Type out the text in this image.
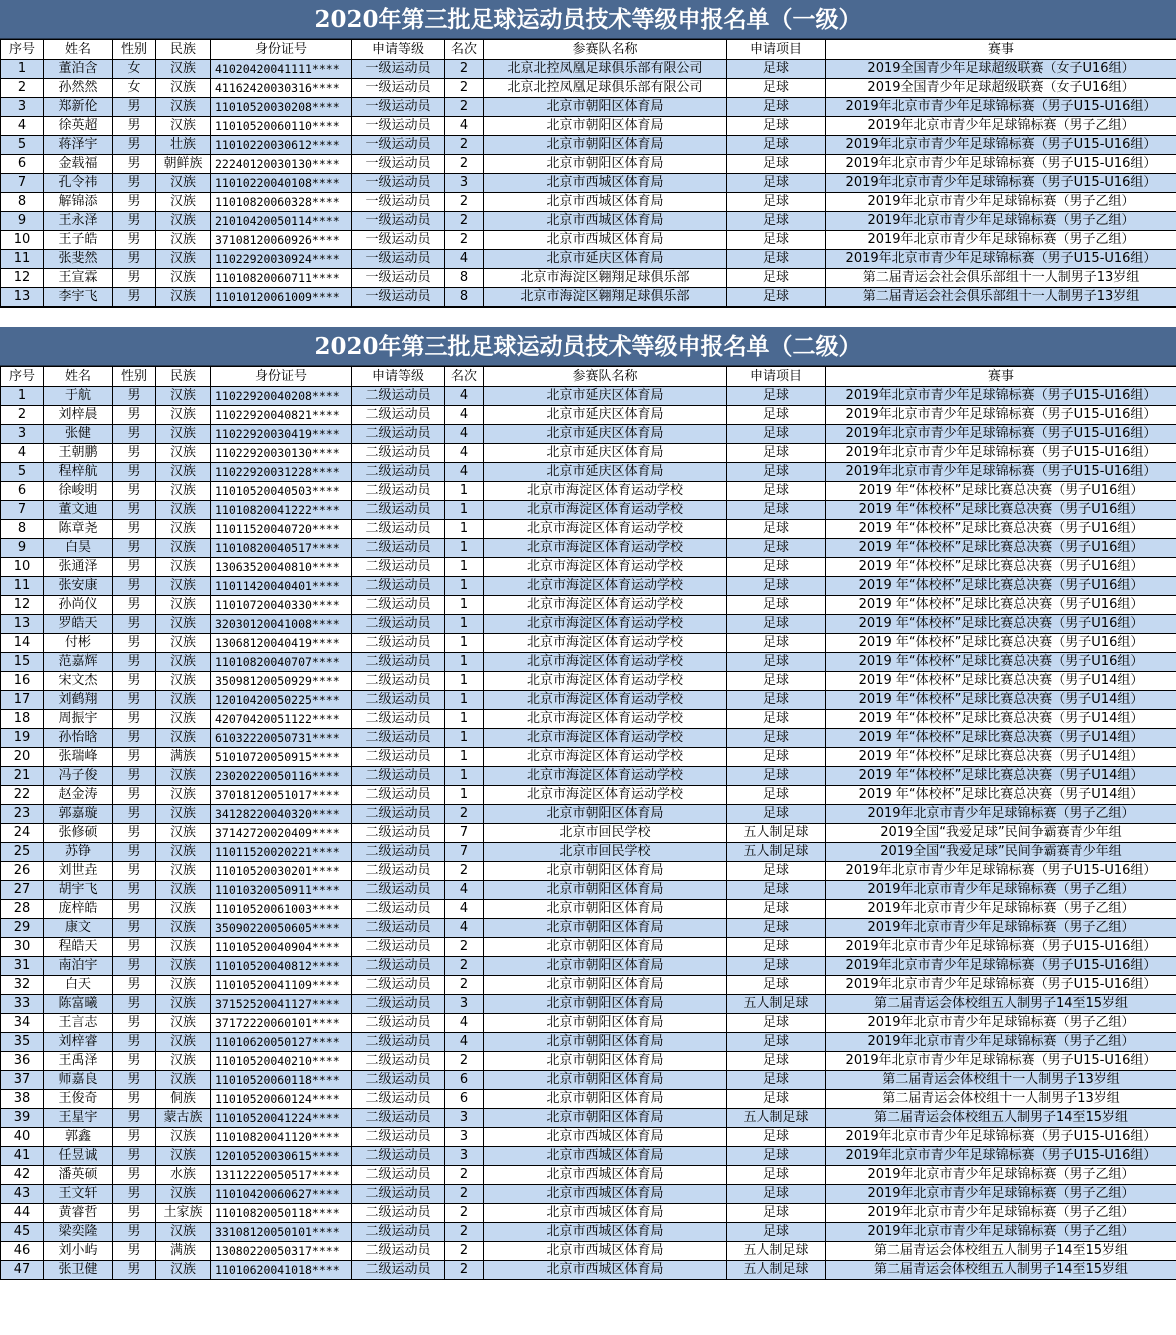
2020年第三批足球运动员技术等级申报名单（一级）
序号	姓名	性别	民族	身份证号	申请等级	名次	参赛队名称	申请项目	赛事
1	董泊含	女	汉族	41020420041111****	一级运动员	2	北京北控凤凰足球俱乐部有限公司	足球	2019全国青少年足球超级联赛（女子U16组）
2	孙然然	女	汉族	41162420030316****	一级运动员	2	北京北控凤凰足球俱乐部有限公司	足球	2019全国青少年足球超级联赛（女子U16组）
3	郑新伦	男	汉族	11010520030208****	一级运动员	2	北京市朝阳区体育局	足球	2019年北京市青少年足球锦标赛（男子U15-U16组）
4	徐英超	男	汉族	11010520060110****	一级运动员	4	北京市朝阳区体育局	足球	2019年北京市青少年足球锦标赛（男子乙组）
5	蒋泽宇	男	壮族	11010220030612****	一级运动员	2	北京市朝阳区体育局	足球	2019年北京市青少年足球锦标赛（男子U15-U16组）
6	金载福	男	朝鲜族	22240120030130****	一级运动员	2	北京市朝阳区体育局	足球	2019年北京市青少年足球锦标赛（男子U15-U16组）
7	孔令祎	男	汉族	11010220040108****	一级运动员	3	北京市西城区体育局	足球	2019年北京市青少年足球锦标赛（男子U15-U16组）
8	解锦添	男	汉族	11010820060328****	一级运动员	2	北京市西城区体育局	足球	2019年北京市青少年足球锦标赛（男子乙组）
9	王永泽	男	汉族	21010420050114****	一级运动员	2	北京市西城区体育局	足球	2019年北京市青少年足球锦标赛（男子乙组）
10	王子皓	男	汉族	37108120060926****	一级运动员	2	北京市西城区体育局	足球	2019年北京市青少年足球锦标赛（男子乙组）
11	张斐然	男	汉族	11022920030924****	一级运动员	4	北京市延庆区体育局	足球	2019年北京市青少年足球锦标赛（男子U15-U16组）
12	王宣霖	男	汉族	11010820060711****	一级运动员	8	北京市海淀区翱翔足球俱乐部	足球	第二届青运会社会俱乐部组十一人制男子13岁组
13	李宇飞	男	汉族	11010120061009****	一级运动员	8	北京市海淀区翱翔足球俱乐部	足球	第二届青运会社会俱乐部组十一人制男子13岁组
2020年第三批足球运动员技术等级申报名单（二级）
序号	姓名	性别	民族	身份证号	申请等级	名次	参赛队名称	申请项目	赛事
1	于航	男	汉族	11022920040208****	二级运动员	4	北京市延庆区体育局	足球	2019年北京市青少年足球锦标赛（男子U15-U16组）
2	刘梓晨	男	汉族	11022920040821****	二级运动员	4	北京市延庆区体育局	足球	2019年北京市青少年足球锦标赛（男子U15-U16组）
3	张健	男	汉族	11022920030419****	二级运动员	4	北京市延庆区体育局	足球	2019年北京市青少年足球锦标赛（男子U15-U16组）
4	王朝鹏	男	汉族	11022920030130****	二级运动员	4	北京市延庆区体育局	足球	2019年北京市青少年足球锦标赛（男子U15-U16组）
5	程梓航	男	汉族	11022920031228****	二级运动员	4	北京市延庆区体育局	足球	2019年北京市青少年足球锦标赛（男子U15-U16组）
6	徐峻明	男	汉族	11010520040503****	二级运动员	1	北京市海淀区体育运动学校	足球	2019 年“体校杯”足球比赛总决赛（男子U16组）
7	董文迪	男	汉族	11010820041222****	二级运动员	1	北京市海淀区体育运动学校	足球	2019 年“体校杯”足球比赛总决赛（男子U16组）
8	陈章尧	男	汉族	11011520040720****	二级运动员	1	北京市海淀区体育运动学校	足球	2019 年“体校杯”足球比赛总决赛（男子U16组）
9	白昊	男	汉族	11010820040517****	二级运动员	1	北京市海淀区体育运动学校	足球	2019 年“体校杯”足球比赛总决赛（男子U16组）
10	张通泽	男	汉族	13063520040810****	二级运动员	1	北京市海淀区体育运动学校	足球	2019 年“体校杯”足球比赛总决赛（男子U16组）
11	张安康	男	汉族	11011420040401****	二级运动员	1	北京市海淀区体育运动学校	足球	2019 年“体校杯”足球比赛总决赛（男子U16组）
12	孙尚仪	男	汉族	11010720040330****	二级运动员	1	北京市海淀区体育运动学校	足球	2019 年“体校杯”足球比赛总决赛（男子U16组）
13	罗皓天	男	汉族	32030120041008****	二级运动员	1	北京市海淀区体育运动学校	足球	2019 年“体校杯”足球比赛总决赛（男子U16组）
14	付彬	男	汉族	13068120040419****	二级运动员	1	北京市海淀区体育运动学校	足球	2019 年“体校杯”足球比赛总决赛（男子U16组）
15	范嘉辉	男	汉族	11010820040707****	二级运动员	1	北京市海淀区体育运动学校	足球	2019 年“体校杯”足球比赛总决赛（男子U16组）
16	宋文杰	男	汉族	35098120050929****	二级运动员	1	北京市海淀区体育运动学校	足球	2019 年“体校杯”足球比赛总决赛（男子U14组）
17	刘鹤翔	男	汉族	12010420050225****	二级运动员	1	北京市海淀区体育运动学校	足球	2019 年“体校杯”足球比赛总决赛（男子U14组）
18	周振宇	男	汉族	42070420051122****	二级运动员	1	北京市海淀区体育运动学校	足球	2019 年“体校杯”足球比赛总决赛（男子U14组）
19	孙怡晗	男	汉族	61032220050731****	二级运动员	1	北京市海淀区体育运动学校	足球	2019 年“体校杯”足球比赛总决赛（男子U14组）
20	张瑞峰	男	满族	51010720050915****	二级运动员	1	北京市海淀区体育运动学校	足球	2019 年“体校杯”足球比赛总决赛（男子U14组）
21	冯子俊	男	汉族	23020220050116****	二级运动员	1	北京市海淀区体育运动学校	足球	2019 年“体校杯”足球比赛总决赛（男子U14组）
22	赵金涛	男	汉族	37018120051017****	二级运动员	1	北京市海淀区体育运动学校	足球	2019 年“体校杯”足球比赛总决赛（男子U14组）
23	郭嘉璇	男	汉族	34128220040320****	二级运动员	2	北京市朝阳区体育局	足球	2019年北京市青少年足球锦标赛（男子乙组）
24	张修硕	男	汉族	37142720020409****	二级运动员	7	北京市回民学校	五人制足球	2019全国“我爱足球”民间争霸赛青少年组
25	苏铮	男	汉族	11011520020221****	二级运动员	7	北京市回民学校	五人制足球	2019全国“我爱足球”民间争霸赛青少年组
26	刘世垚	男	汉族	11010520030201****	二级运动员	2	北京市朝阳区体育局	足球	2019年北京市青少年足球锦标赛（男子U15-U16组）
27	胡宇飞	男	汉族	11010320050911****	二级运动员	4	北京市朝阳区体育局	足球	2019年北京市青少年足球锦标赛（男子乙组）
28	庞梓皓	男	汉族	11010520061003****	二级运动员	4	北京市朝阳区体育局	足球	2019年北京市青少年足球锦标赛（男子乙组）
29	康文	男	汉族	35090220050605****	二级运动员	4	北京市朝阳区体育局	足球	2019年北京市青少年足球锦标赛（男子乙组）
30	程皓天	男	汉族	11010520040904****	二级运动员	2	北京市朝阳区体育局	足球	2019年北京市青少年足球锦标赛（男子U15-U16组）
31	南泊宇	男	汉族	11010520040812****	二级运动员	2	北京市朝阳区体育局	足球	2019年北京市青少年足球锦标赛（男子U15-U16组）
32	白天	男	汉族	11010520041109****	二级运动员	2	北京市朝阳区体育局	足球	2019年北京市青少年足球锦标赛（男子U15-U16组）
33	陈富曦	男	汉族	37152520041127****	二级运动员	3	北京市朝阳区体育局	五人制足球	第二届青运会体校组五人制男子14至15岁组
34	王言志	男	汉族	37172220060101****	二级运动员	4	北京市朝阳区体育局	足球	2019年北京市青少年足球锦标赛（男子乙组）
35	刘梓睿	男	汉族	11010620050127****	二级运动员	4	北京市朝阳区体育局	足球	2019年北京市青少年足球锦标赛（男子乙组）
36	王禹泽	男	汉族	11010520040210****	二级运动员	2	北京市朝阳区体育局	足球	2019年北京市青少年足球锦标赛（男子U15-U16组）
37	师嘉良	男	汉族	11010520060118****	二级运动员	6	北京市朝阳区体育局	足球	第二届青运会体校组十一人制男子13岁组
38	王俊奇	男	侗族	11010520060124****	二级运动员	6	北京市朝阳区体育局	足球	第二届青运会体校组十一人制男子13岁组
39	王星宇	男	蒙古族	11010520041224****	二级运动员	3	北京市朝阳区体育局	五人制足球	第二届青运会体校组五人制男子14至15岁组
40	郭鑫	男	汉族	11010820041120****	二级运动员	3	北京市西城区体育局	足球	2019年北京市青少年足球锦标赛（男子U15-U16组）
41	任昱诚	男	汉族	12010520030615****	二级运动员	3	北京市西城区体育局	足球	2019年北京市青少年足球锦标赛（男子U15-U16组）
42	潘英硕	男	水族	13112220050517****	二级运动员	2	北京市西城区体育局	足球	2019年北京市青少年足球锦标赛（男子乙组）
43	王文轩	男	汉族	11010420060627****	二级运动员	2	北京市西城区体育局	足球	2019年北京市青少年足球锦标赛（男子乙组）
44	黄睿哲	男	土家族	11010820050118****	二级运动员	2	北京市西城区体育局	足球	2019年北京市青少年足球锦标赛（男子乙组）
45	梁奕隆	男	汉族	33108120050101****	二级运动员	2	北京市西城区体育局	足球	2019年北京市青少年足球锦标赛（男子乙组）
46	刘小屿	男	满族	13080220050317****	二级运动员	2	北京市西城区体育局	五人制足球	第二届青运会体校组五人制男子14至15岁组
47	张卫健	男	汉族	11010620041018****	二级运动员	2	北京市西城区体育局	五人制足球	第二届青运会体校组五人制男子14至15岁组
